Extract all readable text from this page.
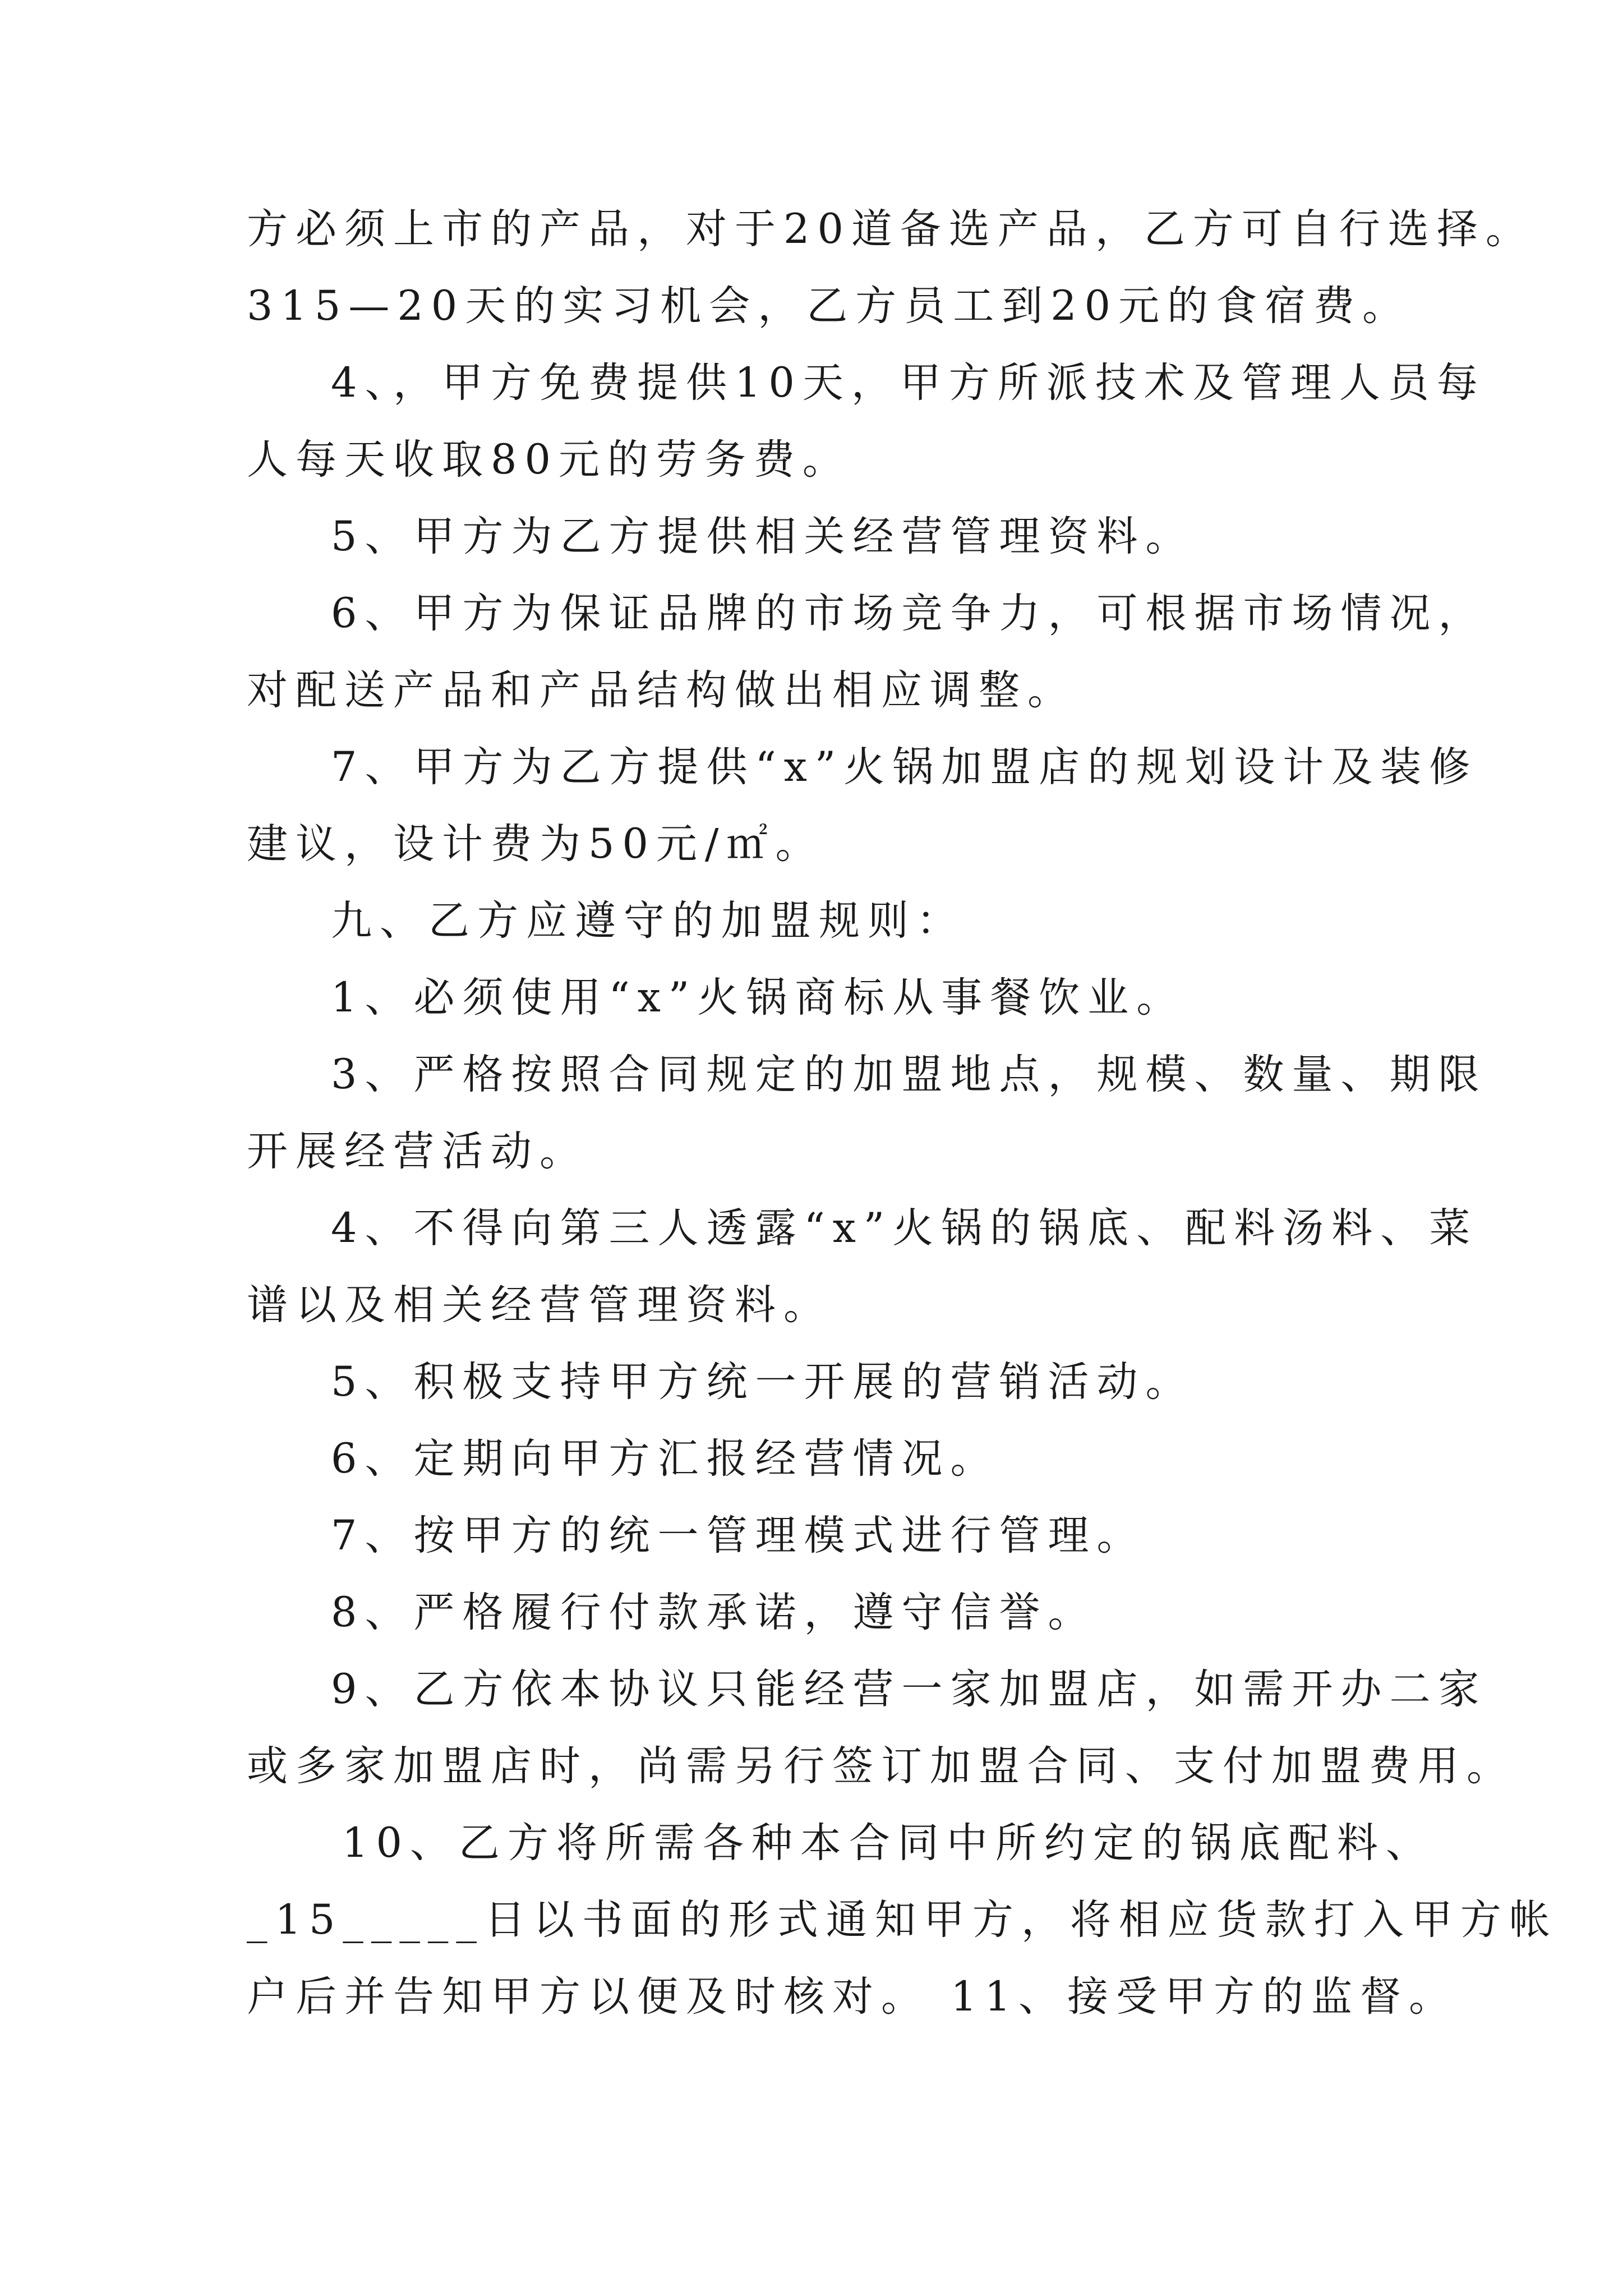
方必须上市的产品，对于20道备选产品，乙方可自行选择。

315—20天的实习机会，乙方员工到20元的食宿费。

4、，甲方免费提供10天，甲方所派技术及管理人员每

人每天收取80元的劳务费。

5、甲方为乙方提供相关经营管理资料。

6、甲方为保证品牌的市场竞争力，可根据市场情况，

对配送产品和产品结构做出相应调整。

7、甲方为乙方提供“x”火锅加盟店的规划设计及装修

建议，设计费为50元/㎡。

九、乙方应遵守的加盟规则：

1、必须使用“x”火锅商标从事餐饮业。

3、严格按照合同规定的加盟地点，规模、数量、期限

开展经营活动。

4、不得向第三人透露“x”火锅的锅底、配料汤料、菜

谱以及相关经营管理资料。

5、积极支持甲方统一开展的营销活动。

6、定期向甲方汇报经营情况。

7、按甲方的统一管理模式进行管理。

8、严格履行付款承诺，遵守信誉。

9、乙方依本协议只能经营一家加盟店，如需开办二家

或多家加盟店时，尚需另行签订加盟合同、支付加盟费用。

10、乙方将所需各种本合同中所约定的锅底配料、

_15_____日以书面的形式通知甲方，将相应货款打入甲方帐

户后并告知甲方以便及时核对。 11、接受甲方的监督。
